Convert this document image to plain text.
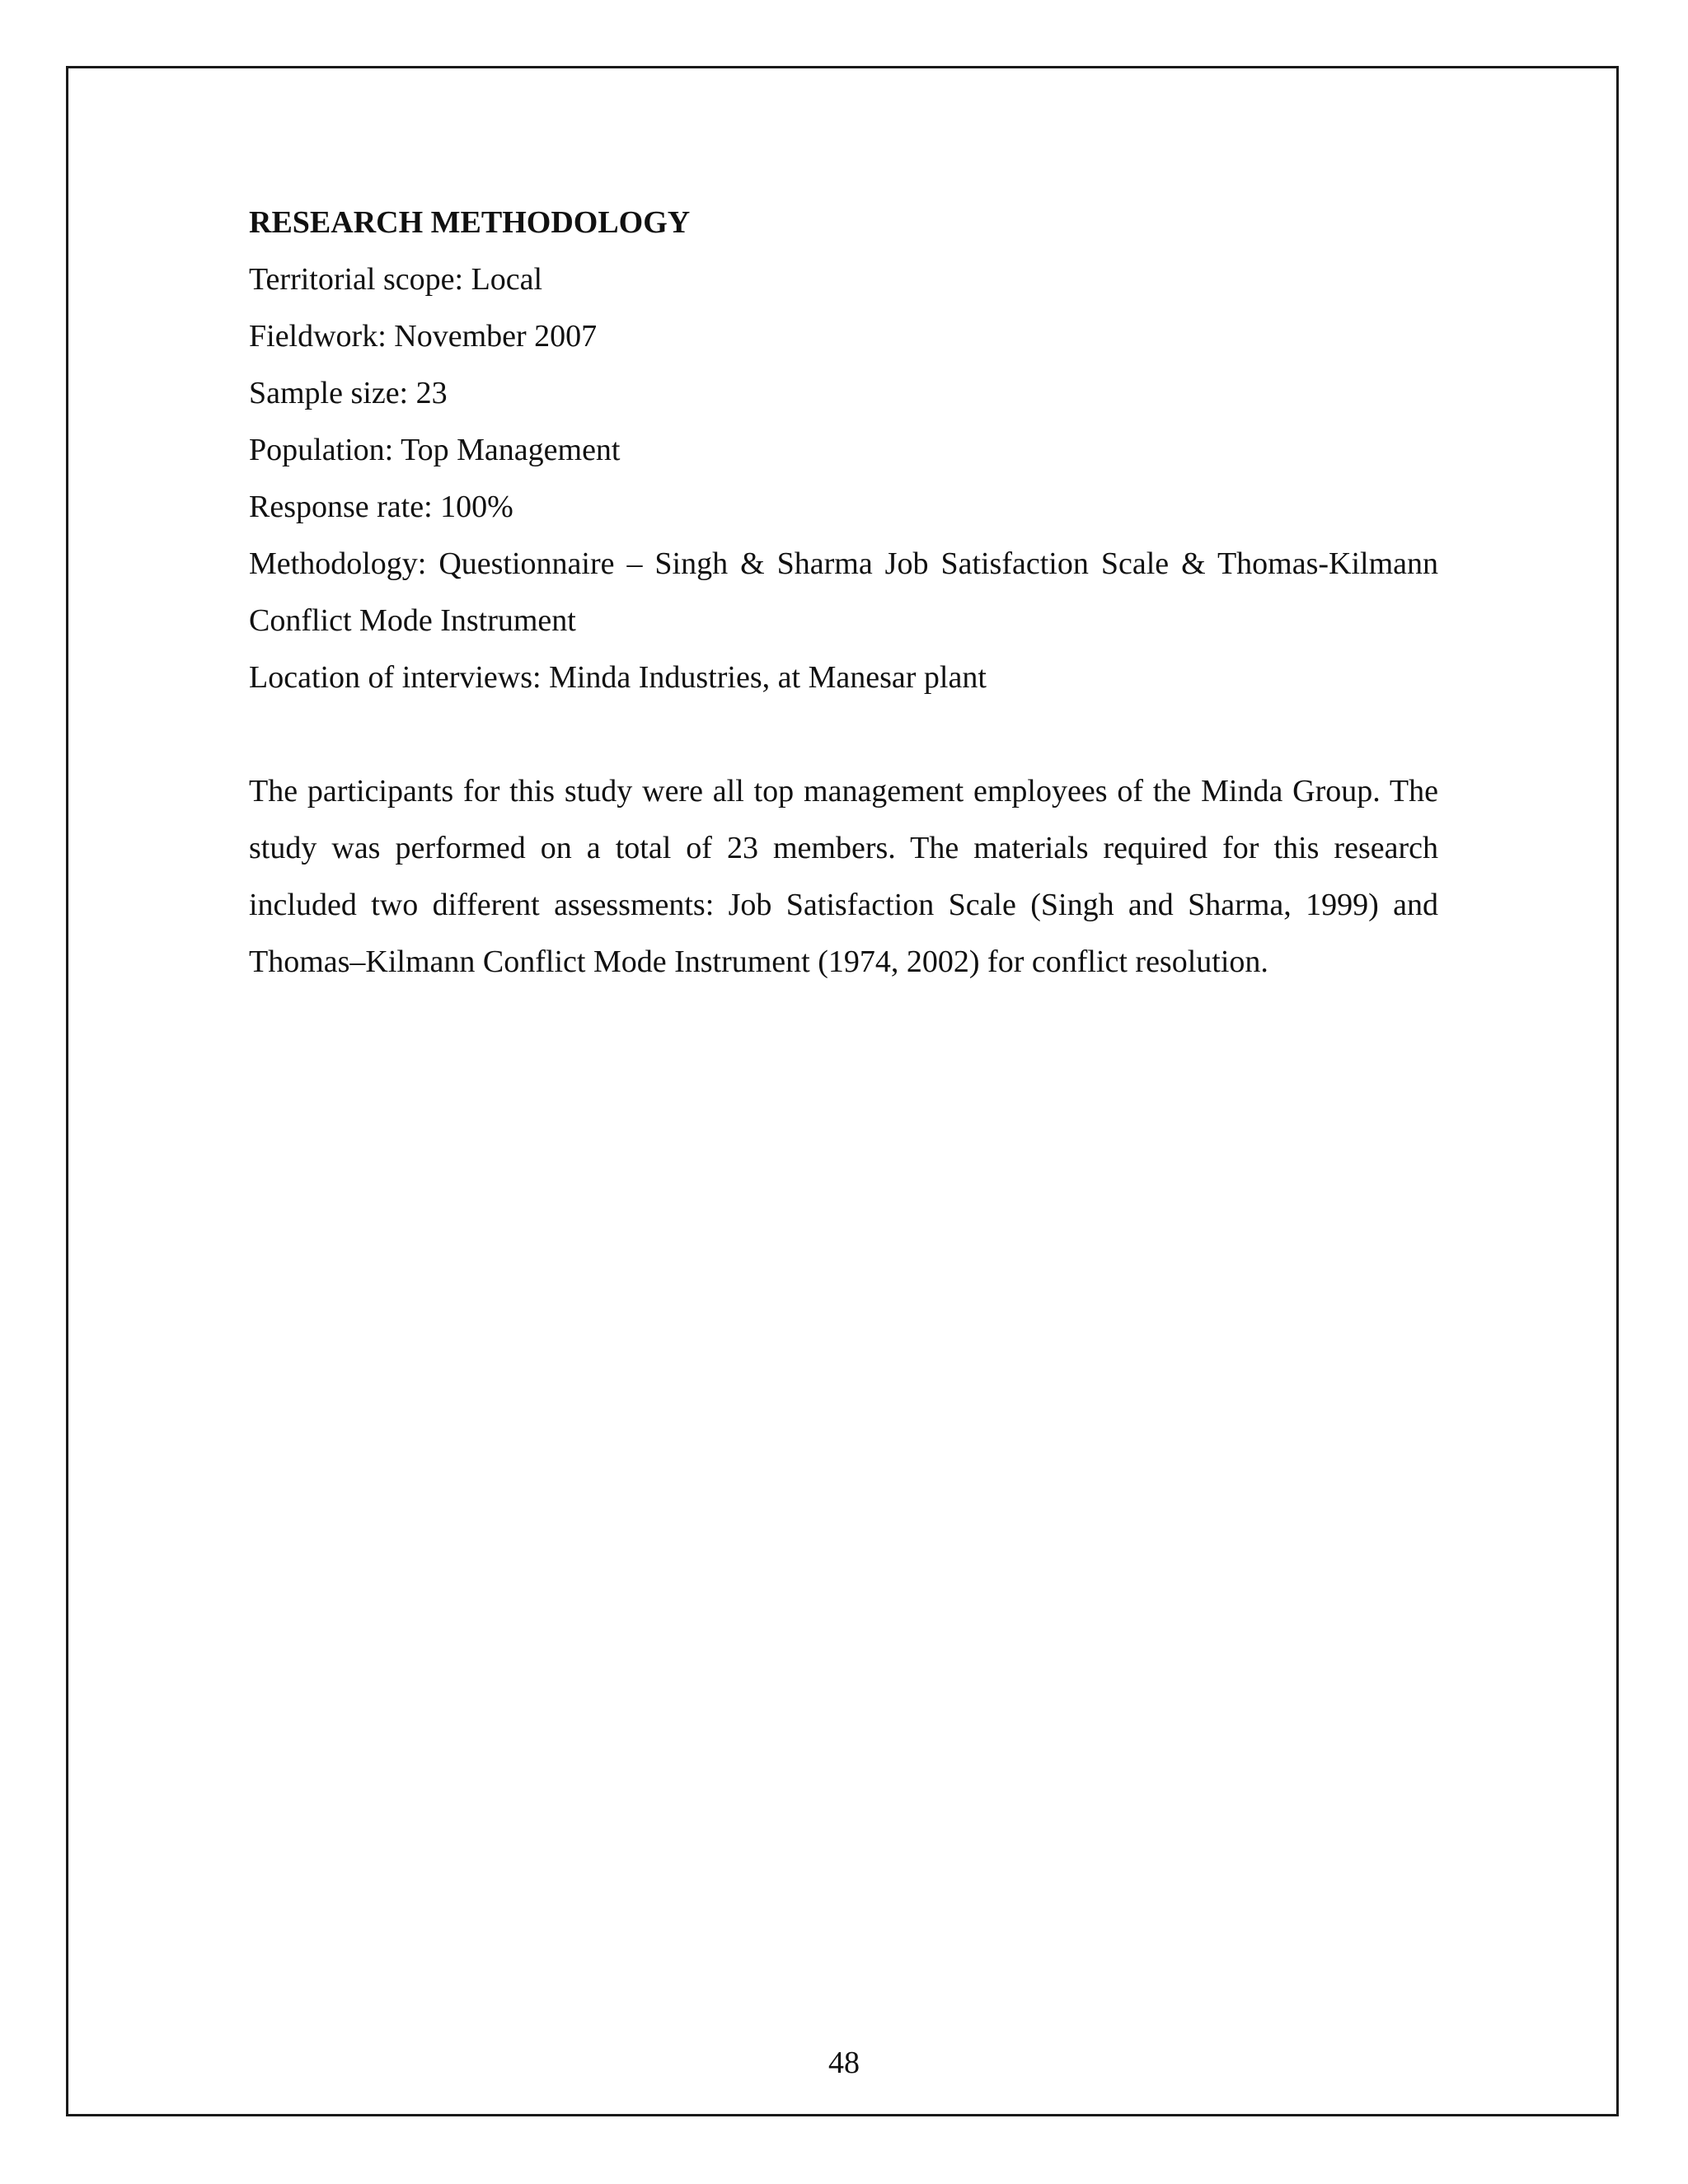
RESEARCH METHODOLOGY

Territorial scope: Local

Fieldwork: November 2007

Sample size: 23

Population: Top Management

Response rate: 100%

Methodology: Questionnaire – Singh & Sharma Job Satisfaction Scale & Thomas-Kilmann Conflict Mode Instrument

Location of interviews: Minda Industries, at Manesar plant

The participants for this study were all top management employees of the Minda Group. The study was performed on a total of 23 members. The materials required for this research included two different assessments: Job Satisfaction Scale (Singh and Sharma, 1999) and Thomas–Kilmann Conflict Mode Instrument (1974, 2002) for conflict resolution.

48
